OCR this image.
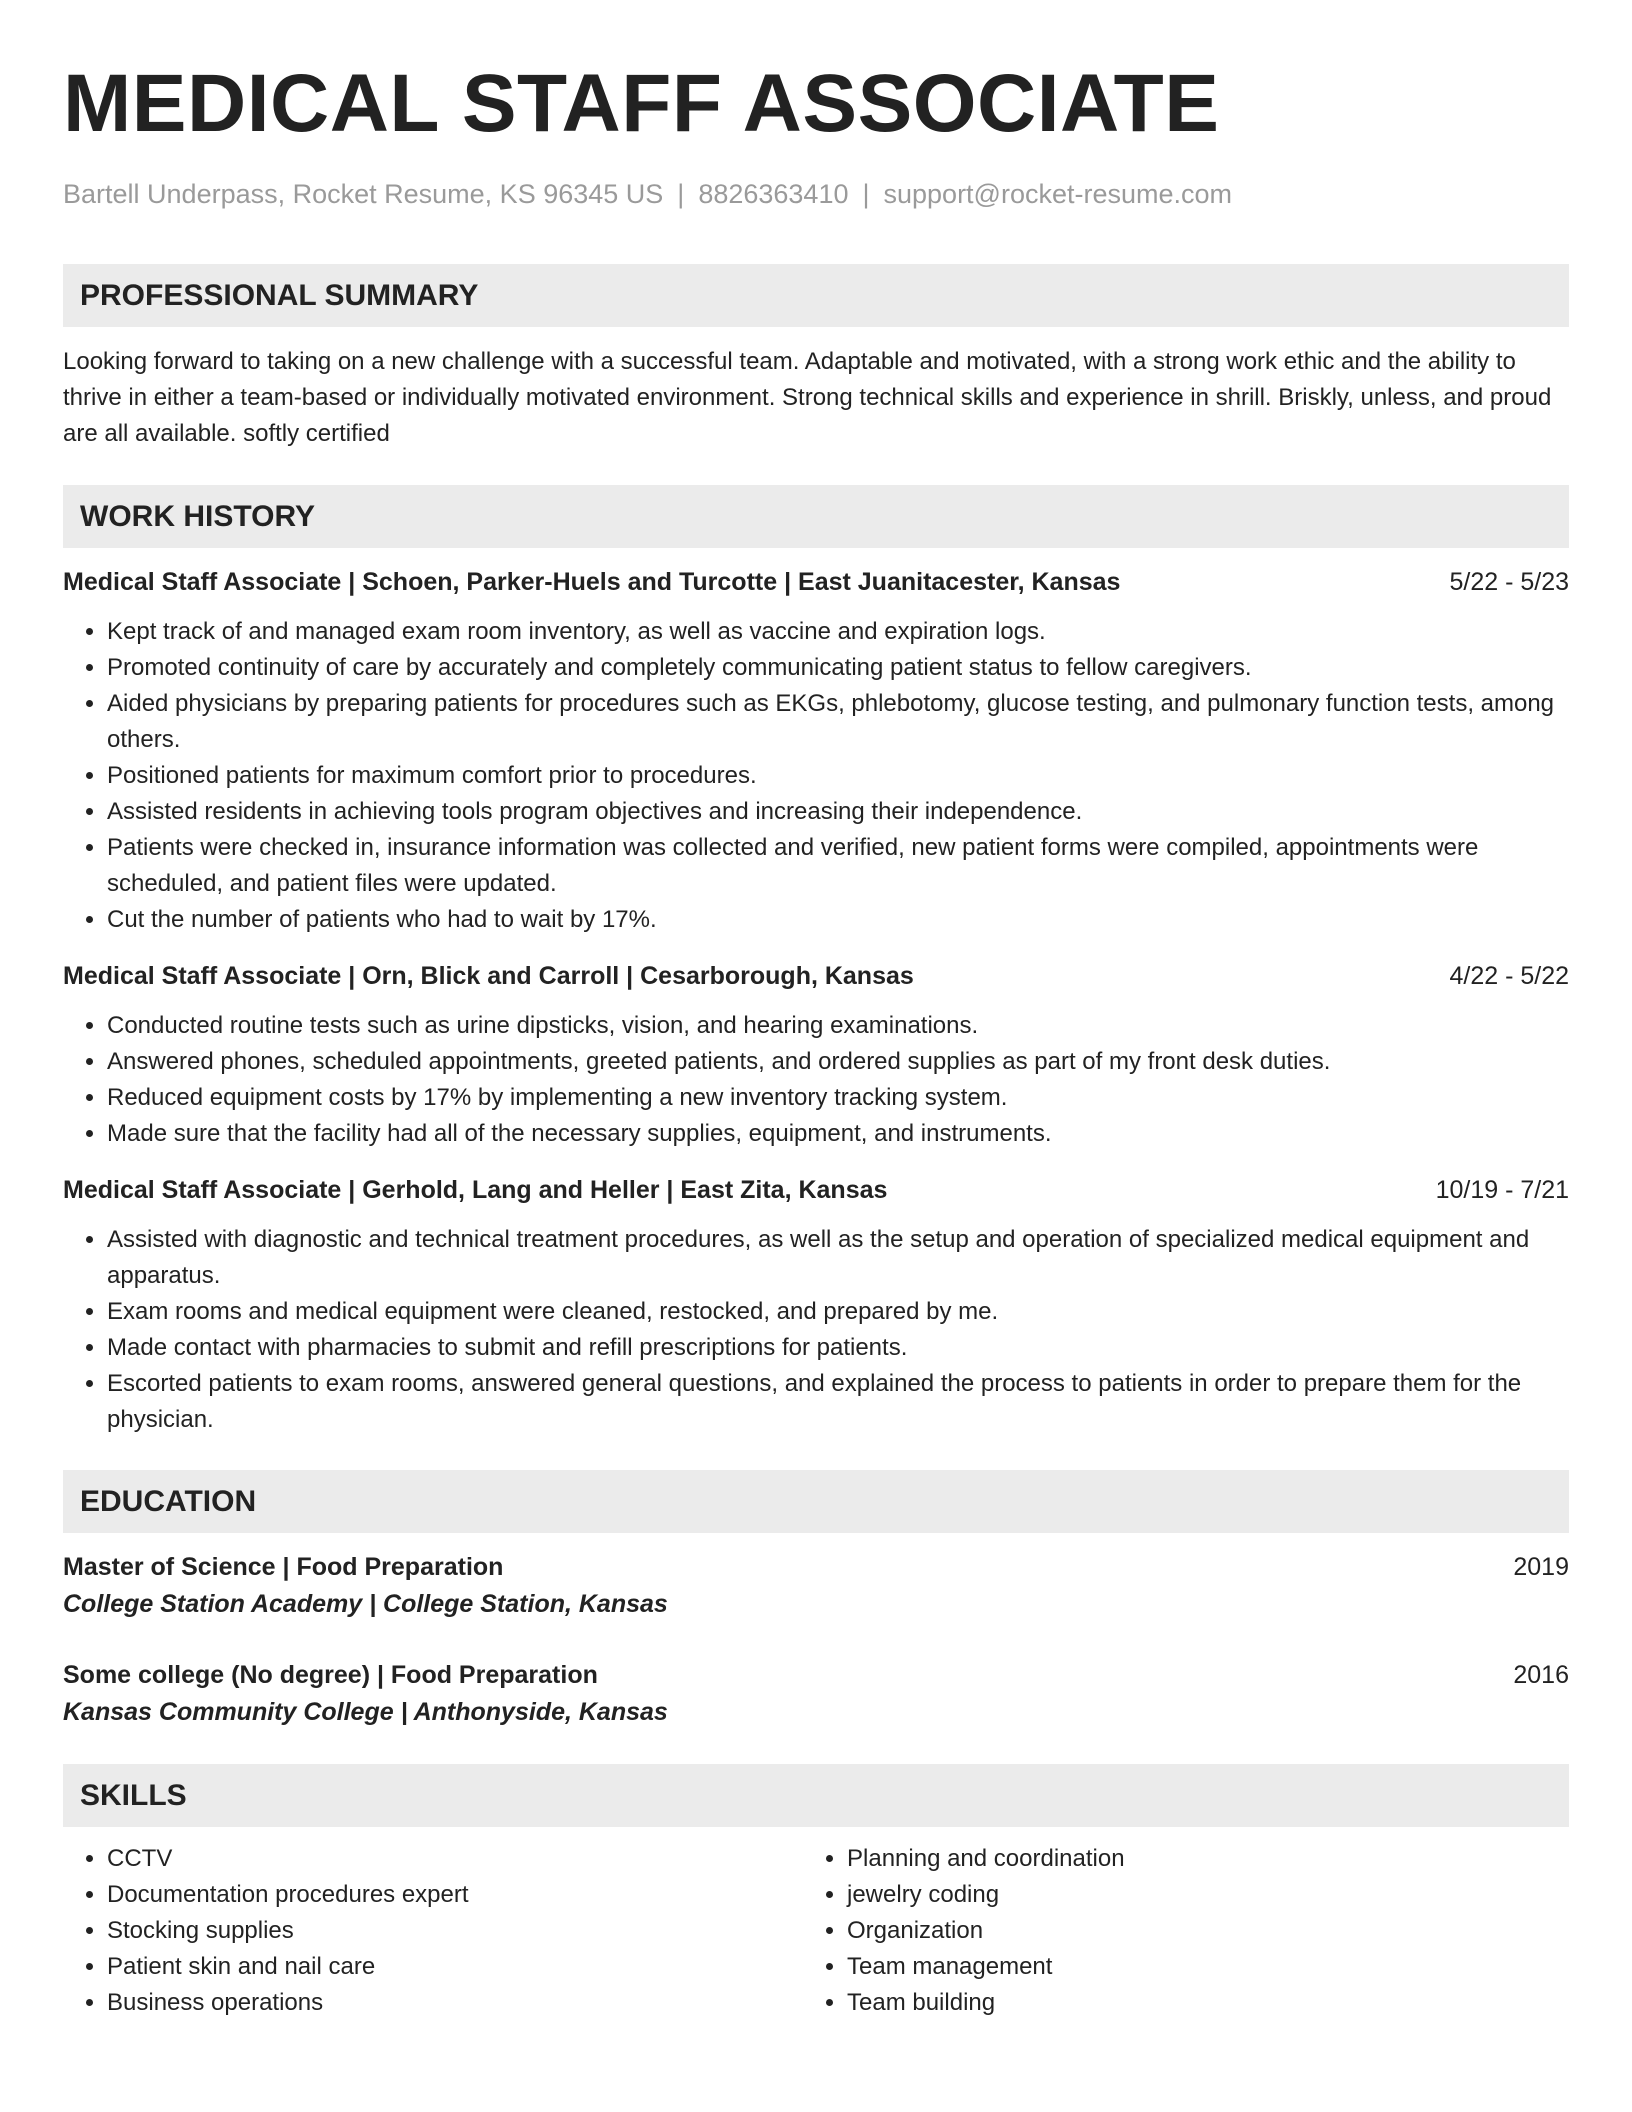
MEDICAL STAFF ASSOCIATE
Bartell Underpass, Rocket Resume, KS 96345 US | 8826363410 | support@rocket-resume.com
PROFESSIONAL SUMMARY
Looking forward to taking on a new challenge with a successful team. Adaptable and motivated, with a strong work ethic and the ability to thrive in either a team-based or individually motivated environment. Strong technical skills and experience in shrill. Briskly, unless, and proud are all available. softly certified
WORK HISTORY
Medical Staff Associate | Schoen, Parker-Huels and Turcotte | East Juanitacester, Kansas	5/22 - 5/23
• Kept track of and managed exam room inventory, as well as vaccine and expiration logs.
• Promoted continuity of care by accurately and completely communicating patient status to fellow caregivers.
• Aided physicians by preparing patients for procedures such as EKGs, phlebotomy, glucose testing, and pulmonary function tests, among others.
• Positioned patients for maximum comfort prior to procedures.
• Assisted residents in achieving tools program objectives and increasing their independence.
• Patients were checked in, insurance information was collected and verified, new patient forms were compiled, appointments were scheduled, and patient files were updated.
• Cut the number of patients who had to wait by 17%.
Medical Staff Associate | Orn, Blick and Carroll | Cesarborough, Kansas	4/22 - 5/22
• Conducted routine tests such as urine dipsticks, vision, and hearing examinations.
• Answered phones, scheduled appointments, greeted patients, and ordered supplies as part of my front desk duties.
• Reduced equipment costs by 17% by implementing a new inventory tracking system.
• Made sure that the facility had all of the necessary supplies, equipment, and instruments.
Medical Staff Associate | Gerhold, Lang and Heller | East Zita, Kansas	10/19 - 7/21
• Assisted with diagnostic and technical treatment procedures, as well as the setup and operation of specialized medical equipment and apparatus.
• Exam rooms and medical equipment were cleaned, restocked, and prepared by me.
• Made contact with pharmacies to submit and refill prescriptions for patients.
• Escorted patients to exam rooms, answered general questions, and explained the process to patients in order to prepare them for the physician.
EDUCATION
Master of Science | Food Preparation	2019
College Station Academy | College Station, Kansas
Some college (No degree) | Food Preparation	2016
Kansas Community College | Anthonyside, Kansas
SKILLS
• CCTV
• Documentation procedures expert
• Stocking supplies
• Patient skin and nail care
• Business operations
• Planning and coordination
• jewelry coding
• Organization
• Team management
• Team building
